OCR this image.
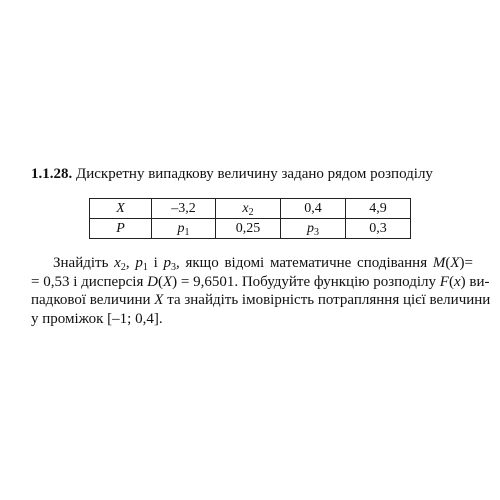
1.1.28. Дискретну випадкову величину задано рядом розподілу
X	–3,2	$x_2$	0,4	4,9
P	$p_1$	0,25	$p_3$	0,3
Знайдіть $x_2$, $p_1$ і $p_3$, якщо відомі математичне сподівання M(X)=
= 0,53 і дисперсія D(X) = 9,6501. Побудуйте функцію розподілу F(x) ви-
падкової величини X та знайдіть імовірність потрапляння цієї величини
у проміжок [–1; 0,4].
